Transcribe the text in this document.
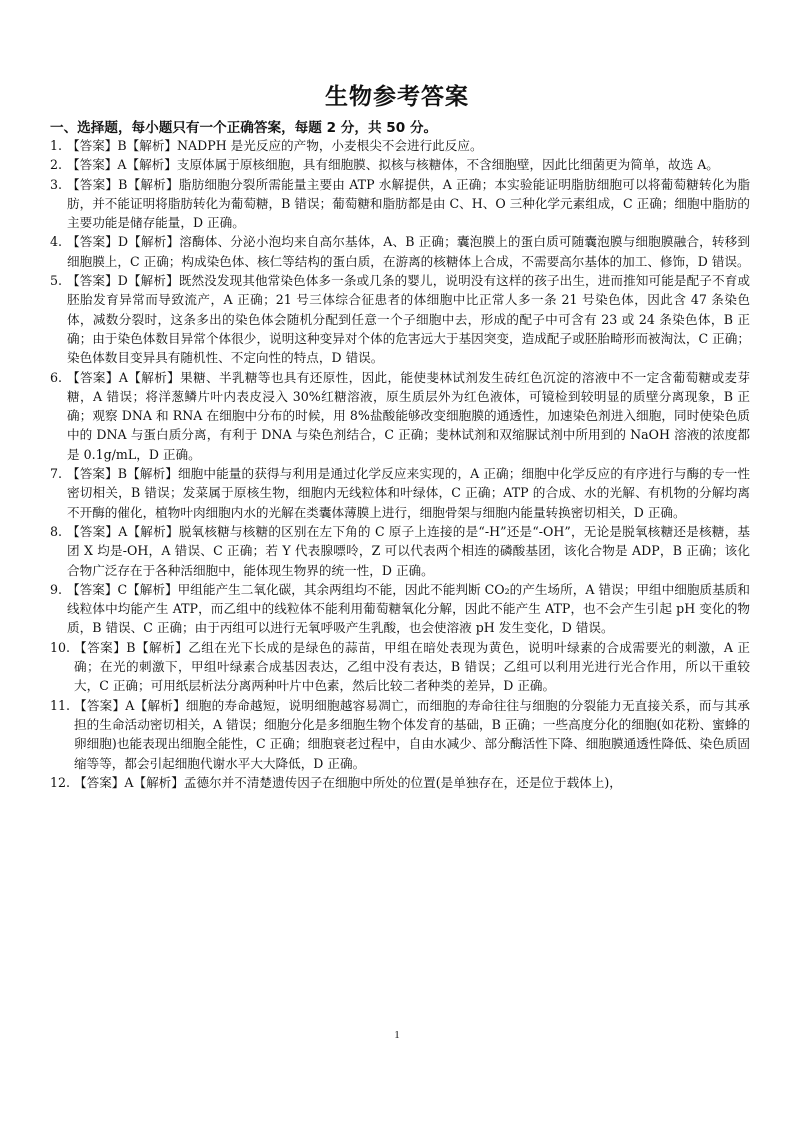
生物参考答案
一、选择题，每小题只有一个正确答案，每题 2 分，共 50 分。
1. 【答案】B【解析】NADPH 是光反应的产物，小麦根尖不会进行此反应。
2. 【答案】A【解析】支原体属于原核细胞，具有细胞膜、拟核与核糖体，不含细胞壁，因此比细菌更为简单，故选 A。
3. 【答案】B【解析】脂肪细胞分裂所需能量主要由 ATP 水解提供，A 正确；本实验能证明脂肪细胞可以将葡萄糖转化为脂肪，并不能证明将脂肪转化为葡萄糖，B 错误；葡萄糖和脂肪都是由 C、H、O 三种化学元素组成，C 正确；细胞中脂肪的主要功能是储存能量，D 正确。
4. 【答案】D【解析】溶酶体、分泌小泡均来自高尔基体，A、B 正确；囊泡膜上的蛋白质可随囊泡膜与细胞膜融合，转移到细胞膜上，C 正确；构成染色体、核仁等结构的蛋白质，在游离的核糖体上合成，不需要高尔基体的加工、修饰，D 错误。
5. 【答案】D【解析】既然没发现其他常染色体多一条或几条的婴儿，说明没有这样的孩子出生，进而推知可能是配子不育或胚胎发育异常而导致流产，A 正确；21 号三体综合征患者的体细胞中比正常人多一条 21 号染色体，因此含 47 条染色体，减数分裂时，这条多出的染色体会随机分配到任意一个子细胞中去，形成的配子中可含有 23 或 24 条染色体，B 正确；由于染色体数目异常个体很少，说明这种变异对个体的危害远大于基因突变，造成配子或胚胎畸形而被淘汰，C 正确；染色体数目变异具有随机性、不定向性的特点，D 错误。
6. 【答案】A【解析】果糖、半乳糖等也具有还原性，因此，能使斐林试剂发生砖红色沉淀的溶液中不一定含葡萄糖或麦芽糖，A 错误；将洋葱鳞片叶内表皮浸入 30%红糖溶液，原生质层外为红色液体，可镜检到较明显的质壁分离现象，B 正确；观察 DNA 和 RNA 在细胞中分布的时候，用 8%盐酸能够改变细胞膜的通透性，加速染色剂进入细胞，同时使染色质中的 DNA 与蛋白质分离，有利于 DNA 与染色剂结合，C 正确；斐林试剂和双缩脲试剂中所用到的 NaOH 溶液的浓度都是 0.1g/mL，D 正确。
7. 【答案】B【解析】细胞中能量的获得与利用是通过化学反应来实现的，A 正确；细胞中化学反应的有序进行与酶的专一性密切相关，B 错误；发菜属于原核生物，细胞内无线粒体和叶绿体，C 正确；ATP 的合成、水的光解、有机物的分解均离不开酶的催化，植物叶肉细胞内水的光解在类囊体薄膜上进行，细胞骨架与细胞内能量转换密切相关，D 正确。
8. 【答案】A【解析】脱氧核糖与核糖的区别在左下角的 C 原子上连接的是“-H”还是“-OH”，无论是脱氧核糖还是核糖，基团 X 均是-OH，A 错误、C 正确；若 Y 代表腺嘌呤，Z 可以代表两个相连的磷酸基团，该化合物是 ADP，B 正确；该化合物广泛存在于各种活细胞中，能体现生物界的统一性，D 正确。
9. 【答案】C【解析】甲组能产生二氧化碳，其余两组均不能，因此不能判断 CO₂的产生场所，A 错误；甲组中细胞质基质和线粒体中均能产生 ATP，而乙组中的线粒体不能利用葡萄糖氧化分解，因此不能产生 ATP，也不会产生引起 pH 变化的物质，B 错误、C 正确；由于丙组可以进行无氧呼吸产生乳酸，也会使溶液 pH 发生变化，D 错误。
10. 【答案】B【解析】乙组在光下长成的是绿色的蒜苗，甲组在暗处表现为黄色，说明叶绿素的合成需要光的刺激，A 正确；在光的刺激下，甲组叶绿素合成基因表达，乙组中没有表达，B 错误；乙组可以利用光进行光合作用，所以干重较大，C 正确；可用纸层析法分离两种叶片中色素，然后比较二者种类的差异，D 正确。
11. 【答案】A【解析】细胞的寿命越短，说明细胞越容易凋亡，而细胞的寿命往往与细胞的分裂能力无直接关系，而与其承担的生命活动密切相关，A 错误；细胞分化是多细胞生物个体发育的基础，B 正确；一些高度分化的细胞(如花粉、蜜蜂的卵细胞)也能表现出细胞全能性，C 正确；细胞衰老过程中，自由水减少、部分酶活性下降、细胞膜通透性降低、染色质固缩等等，都会引起细胞代谢水平大大降低，D 正确。
12. 【答案】A【解析】孟德尔并不清楚遗传因子在细胞中所处的位置(是单独存在，还是位于载体上)，
1
